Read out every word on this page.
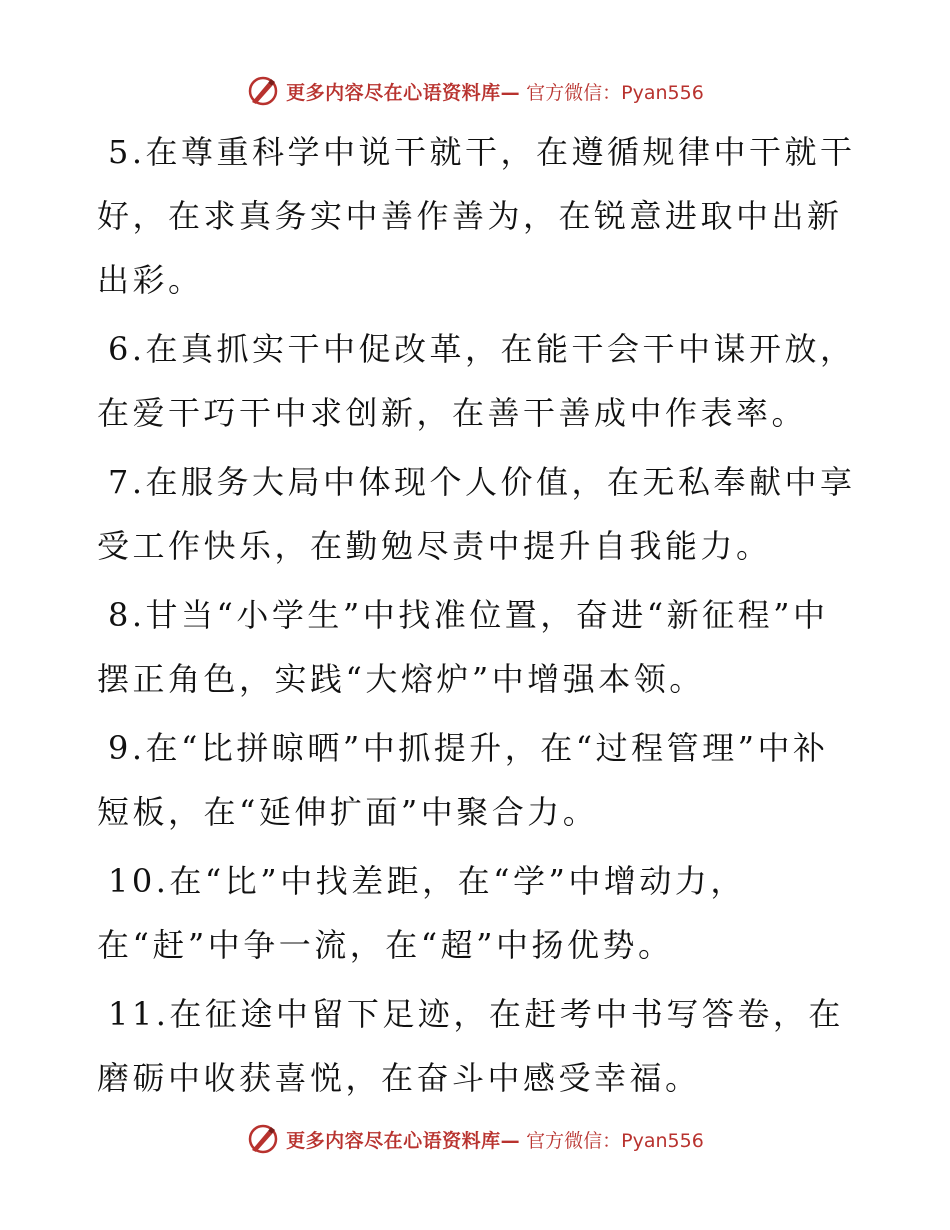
更多内容尽在心语资料库— 官方微信：Pyan556

5.在尊重科学中说干就干，在遵循规律中干就干好，在求真务实中善作善为，在锐意进取中出新出彩。

6.在真抓实干中促改革，在能干会干中谋开放，在爱干巧干中求创新，在善干善成中作表率。

7.在服务大局中体现个人价值，在无私奉献中享受工作快乐，在勤勉尽责中提升自我能力。

8.甘当“小学生”中找准位置，奋进“新征程”中摆正角色，实践“大熔炉”中增强本领。

9.在“比拼晾晒”中抓提升，在“过程管理”中补短板，在“延伸扩面”中聚合力。

10.在“比”中找差距，在“学”中增动力，在“赶”中争一流，在“超”中扬优势。

11.在征途中留下足迹，在赶考中书写答卷，在磨砺中收获喜悦，在奋斗中感受幸福。

更多内容尽在心语资料库— 官方微信：Pyan556
